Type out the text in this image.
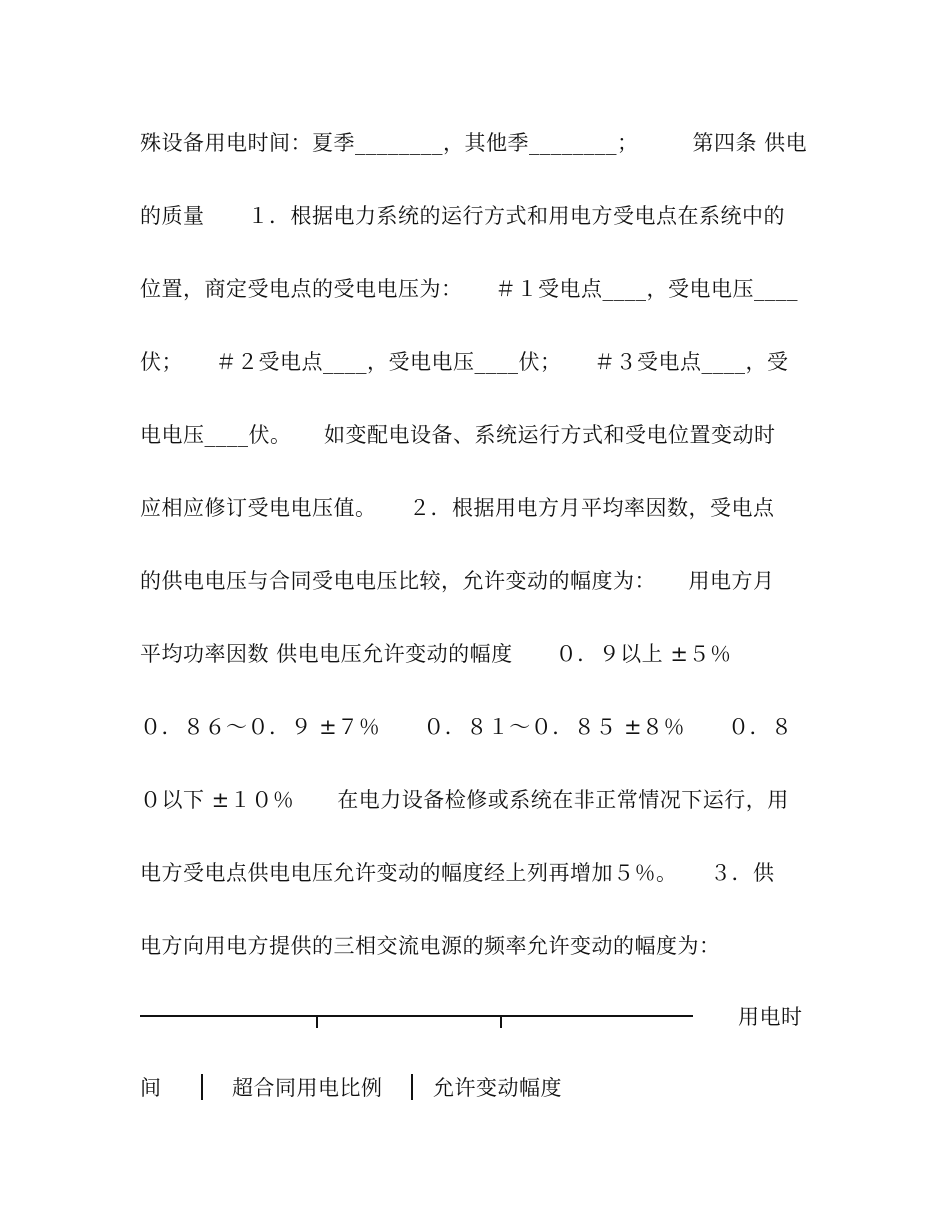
殊设备用电时间：夏季________，其他季________；　　　第四条 供电
的质量　　１．根据电力系统的运行方式和用电方受电点在系统中的
位置，商定受电点的受电电压为：　　＃１受电点____，受电电压____
伏；　　＃２受电点____，受电电压____伏；　　＃３受电点____，受
电电压____伏。　　如变配电设备、系统运行方式和受电位置变动时
应相应修订受电电压值。　　２．根据用电方月平均率因数，受电点
的供电电压与合同受电电压比较，允许变动的幅度为：　　用电方月
平均功率因数 供电电压允许变动的幅度　　０．９以上 ±５％
０．８６～０．９ ±７％　　０．８１～０．８５ ±８％　　０．８
０以下 ±１０％　　在电力设备检修或系统在非正常情况下运行，用
电方受电点供电电压允许变动的幅度经上列再增加５％。　　３．供
电方向用电方提供的三相交流电源的频率允许变动的幅度为：
用电时
间	超合同用电比例 允许变动幅度
